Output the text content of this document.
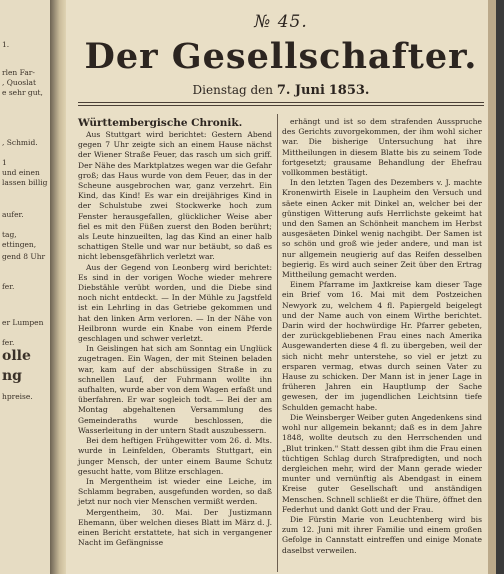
1.
rlen Far-
, Quoslat
e sehr gut,
, Schmid.
1
und einen
lassen billig
aufer.
tag,
ettingen,
gend 8 Uhr
fer.
er Lumpen
fer.
olle
ng
hpreise.
№ 45.
Der Gesellschafter.
Dienstag den 7. Juni 1853.

Württembergische Chronik.

Aus Stuttgart wird berichtet: Gestern Abend gegen 7 Uhr zeigte sich an einem Hause nächst der Wiener Straße Feuer, das rasch um sich griff. Der Nähe des Marktplatzes wegen war die Gefahr groß; das Haus wurde von dem Feuer, das in der Scheune ausgebrochen war, ganz verzehrt. Ein Kind, das Kind! Es war ein dreijähriges Kind in der Schulstube zwei Stockwerke hoch zum Fenster herausgefallen, glücklicher Weise aber fiel es mit den Füßen zuerst den Boden berührt; als Leute hinzueilten, lag das Kind an einer halb schattigen Stelle und war nur betäubt, so daß es nicht lebensgefährlich verletzt war.

Aus der Gegend von Leonberg wird berichtet: Es sind in der vorigen Woche wieder mehrere Diebstähle verübt worden, und die Diebe sind noch nicht entdeckt. — In der Mühle zu Jagstfeld ist ein Lehrling in das Getriebe gekommen und hat den linken Arm verloren. — In der Nähe von Heilbronn wurde ein Knabe von einem Pferde geschlagen und schwer verletzt.

In Geislingen hat sich am Sonntag ein Unglück zugetragen. Ein Wagen, der mit Steinen beladen war, kam auf der abschüssigen Straße in zu schnellen Lauf, der Fuhrmann wollte ihn aufhalten, wurde aber von dem Wagen erfaßt und überfahren. Er war sogleich todt. — Bei der am Montag abgehaltenen Versammlung des Gemeinderaths wurde beschlossen, die Wasserleitung in der untern Stadt auszubessern.

Bei dem heftigen Frühgewitter vom 26. d. Mts. wurde in Leinfelden, Oberamts Stuttgart, ein junger Mensch, der unter einem Baume Schutz gesucht hatte, vom Blitze erschlagen.

In Mergentheim ist wieder eine Leiche, im Schlamm begraben, ausgefunden worden, so daß jetzt nur noch vier Menschen vermißt werden.

Mergentheim, 30. Mai. Der Justizmann Ehemann, über welchen dieses Blatt im März d. J. einen Bericht erstattete, hat sich in vergangener Nacht im Gefängnisse

erhängt und ist so dem strafenden Ausspruche des Gerichts zuvorgekommen, der ihm wohl sicher war. Die bisherige Untersuchung hat ihre Mittheilungen in diesem Blatte bis zu seinem Tode fortgesetzt; grausame Behandlung der Ehefrau vollkommen bestätigt.

In den letzten Tagen des Dezembers v. J. machte Kronenwirth Eisele in Laupheim den Versuch und säete einen Acker mit Dinkel an, welcher bei der günstigen Witterung aufs Herrlichste gekeimt hat und den Samen an Schönheit manchem im Herbst ausgesäeten Dinkel wenig nachgibt. Der Samen ist so schön und groß wie jeder andere, und man ist nur allgemein neugierig auf das Reifen desselben begierig. Es wird auch seiner Zeit über den Ertrag Mittheilung gemacht werden.

Einem Pfarrame im Jaxtkreise kam dieser Tage ein Brief vom 16. Mai mit dem Postzeichen Newyork zu, welchem 4 fl. Papiergeld beigelegt und der Name auch von einem Wirthe berichtet. Darin wird der hochwürdige Hr. Pfarrer gebeten, der zurückgebliebenen Frau eines nach Amerika Ausgewanderten diese 4 fl. zu übergeben, weil der sich nicht mehr unterstehe, so viel er jetzt zu ersparen vermag, etwas durch seinen Vater zu Hause zu schicken. Der Mann ist in jener Lage in früheren Jahren ein Hauptlump der Sache gewesen, der im jugendlichen Leichtsinn tiefe Schulden gemacht habe.

Die Weinsberger Weiber guten Angedenkens sind wohl nur allgemein bekannt; daß es in dem Jahre 1848, wollte deutsch zu den Herrschenden und „Blut trinken." Statt dessen gibt ihm die Frau einen tüchtigen Schlag durch Strafpredigten, und noch dergleichen mehr, wird der Mann gerade wieder munter und vernünftig als Abendgast in einem Kreise guter Gesellschaft und anständigen Menschen. Schnell schließt er die Thüre, öffnet den Federhut und dankt Gott und der Frau.

Die Fürstin Marie von Leuchtenberg wird bis zum 12. Juni mit ihrer Familie und einem großen Gefolge in Cannstatt eintreffen und einige Monate daselbst verweilen.
